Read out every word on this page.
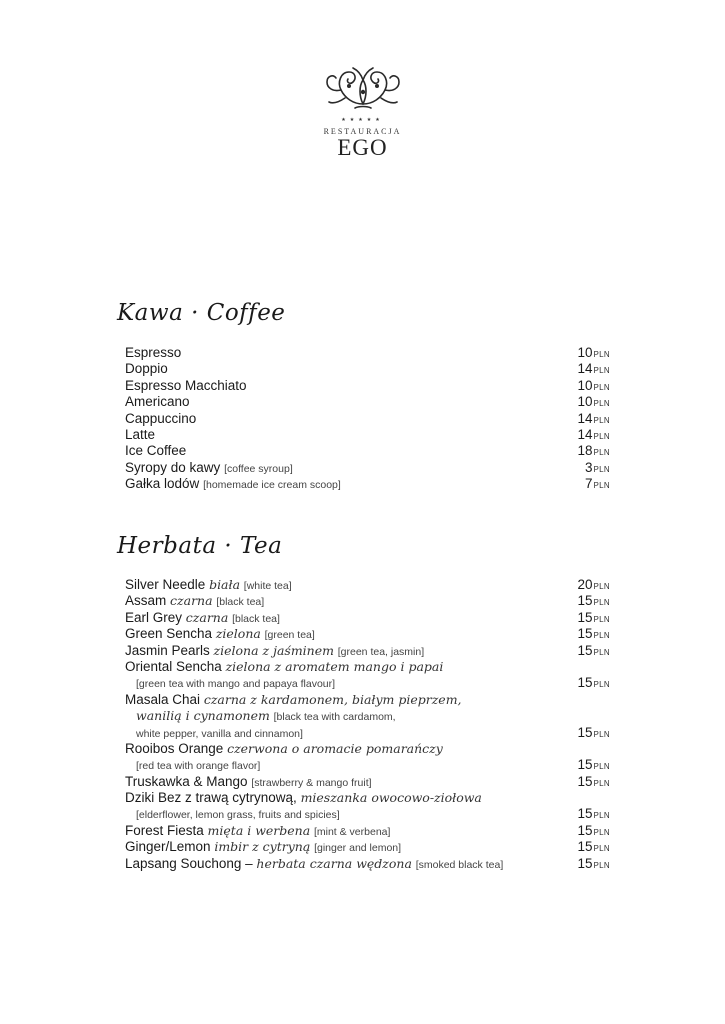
★★★★★
RESTAURACJA
EGO
Kawa · Coffee
Espresso	10PLN
Doppio	14PLN
Espresso Macchiato	10PLN
Americano	10PLN
Cappuccino	14PLN
Latte	14PLN
Ice Coffee	18PLN
Syropy do kawy [coffee syroup]	3PLN
Gałka lodów [homemade ice cream scoop]	7PLN
Herbata · Tea
Silver Needle biała [white tea]	20PLN
Assam czarna [black tea]	15PLN
Earl Grey czarna [black tea]	15PLN
Green Sencha zielona [green tea]	15PLN
Jasmin Pearls zielona z jaśminem [green tea, jasmin]	15PLN
Oriental Sencha zielona z aromatem mango i papai
[green tea with mango and papaya flavour]	15PLN
Masala Chai czarna z kardamonem, białym pieprzem,
wanilią i cynamonem [black tea with cardamom,
white pepper, vanilla and cinnamon]	15PLN
Rooibos Orange czerwona o aromacie pomarańczy
[red tea with orange flavor]	15PLN
Truskawka & Mango [strawberry & mango fruit]	15PLN
Dziki Bez z trawą cytrynową, mieszanka owocowo-ziołowa
[elderflower, lemon grass, fruits and spicies]	15PLN
Forest Fiesta mięta i werbena [mint & verbena]	15PLN
Ginger/Lemon imbir z cytryną [ginger and lemon]	15PLN
Lapsang Souchong – herbata czarna wędzona [smoked black tea]	15PLN
